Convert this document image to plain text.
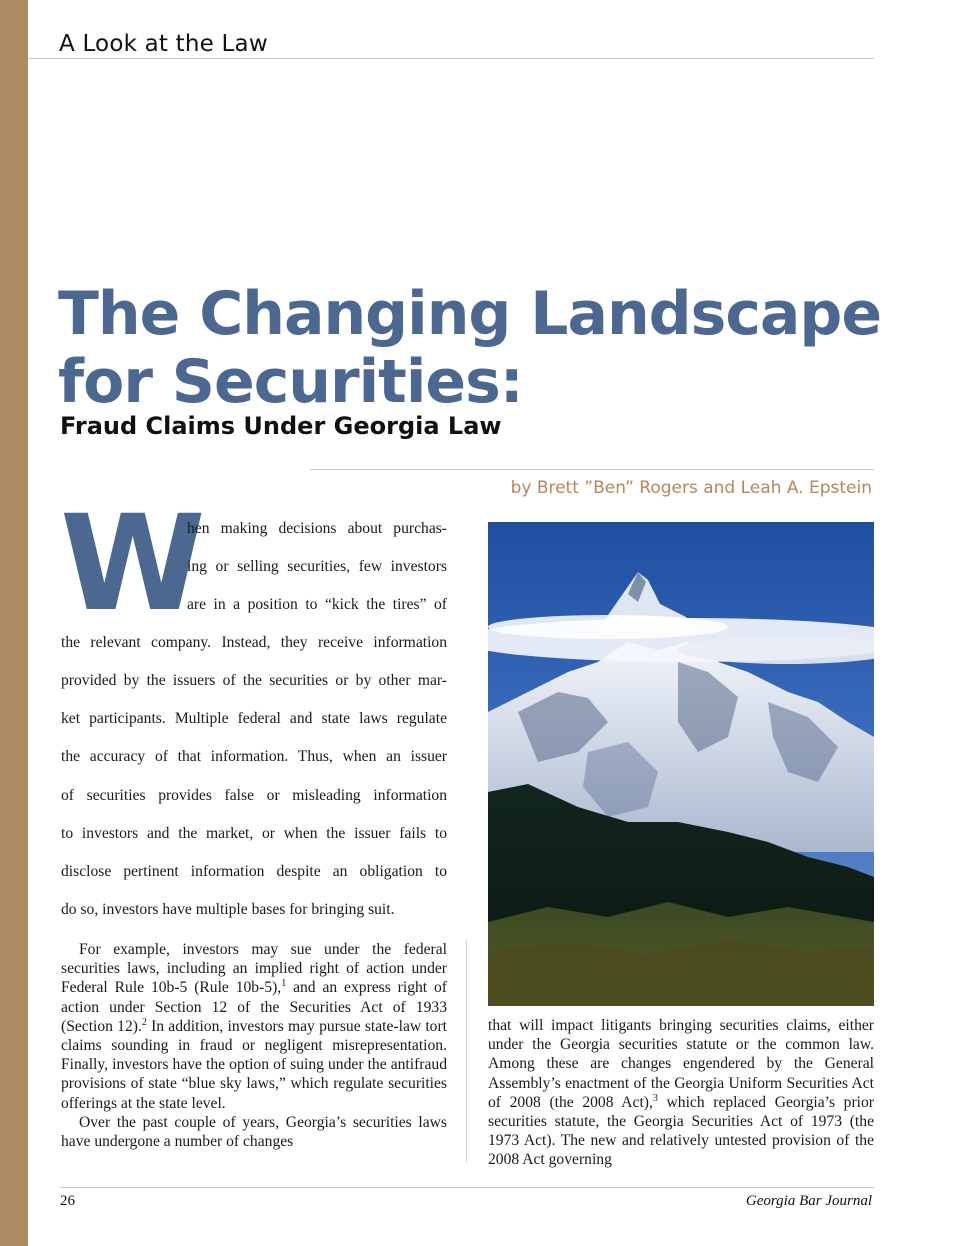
A Look at the Law
The Changing Landscape
for Securities:
Fraud Claims Under Georgia Law
by Brett ”Ben” Rogers and Leah A. Epstein
W
hen making decisions about purchas-
ing or selling securities, few investors
are in a position to “kick the tires” of
the relevant company. Instead, they receive information
provided by the issuers of the securities or by other mar-
ket participants. Multiple federal and state laws regulate
the accuracy of that information. Thus, when an issuer
of securities provides false or misleading information
to investors and the market, or when the issuer fails to
disclose pertinent information despite an obligation to
do so, investors have multiple bases for bringing suit.

For example, investors may sue under the federal securities laws, including an implied right of action under Federal Rule 10b-5 (Rule 10b-5),$^1$ and an express right of action under Section 12 of the Securities Act of 1933 (Section 12).$^2$ In addition, investors may pursue state-law tort claims sounding in fraud or negligent misrepresentation. Finally, investors have the option of suing under the antifraud provisions of state “blue sky laws,” which regulate securities offerings at the state level.

Over the past couple of years, Georgia’s securities laws have undergone a number of changes

that will impact litigants bringing securities claims, either under the Georgia securities statute or the common law. Among these are changes engendered by the General Assembly’s enactment of the Georgia Uniform Securities Act of 2008 (the 2008 Act),$^3$ which replaced Georgia’s prior securities statute, the Georgia Securities Act of 1973 (the 1973 Act). The new and relatively untested provision of the 2008 Act governing

26	Georgia Bar Journal
